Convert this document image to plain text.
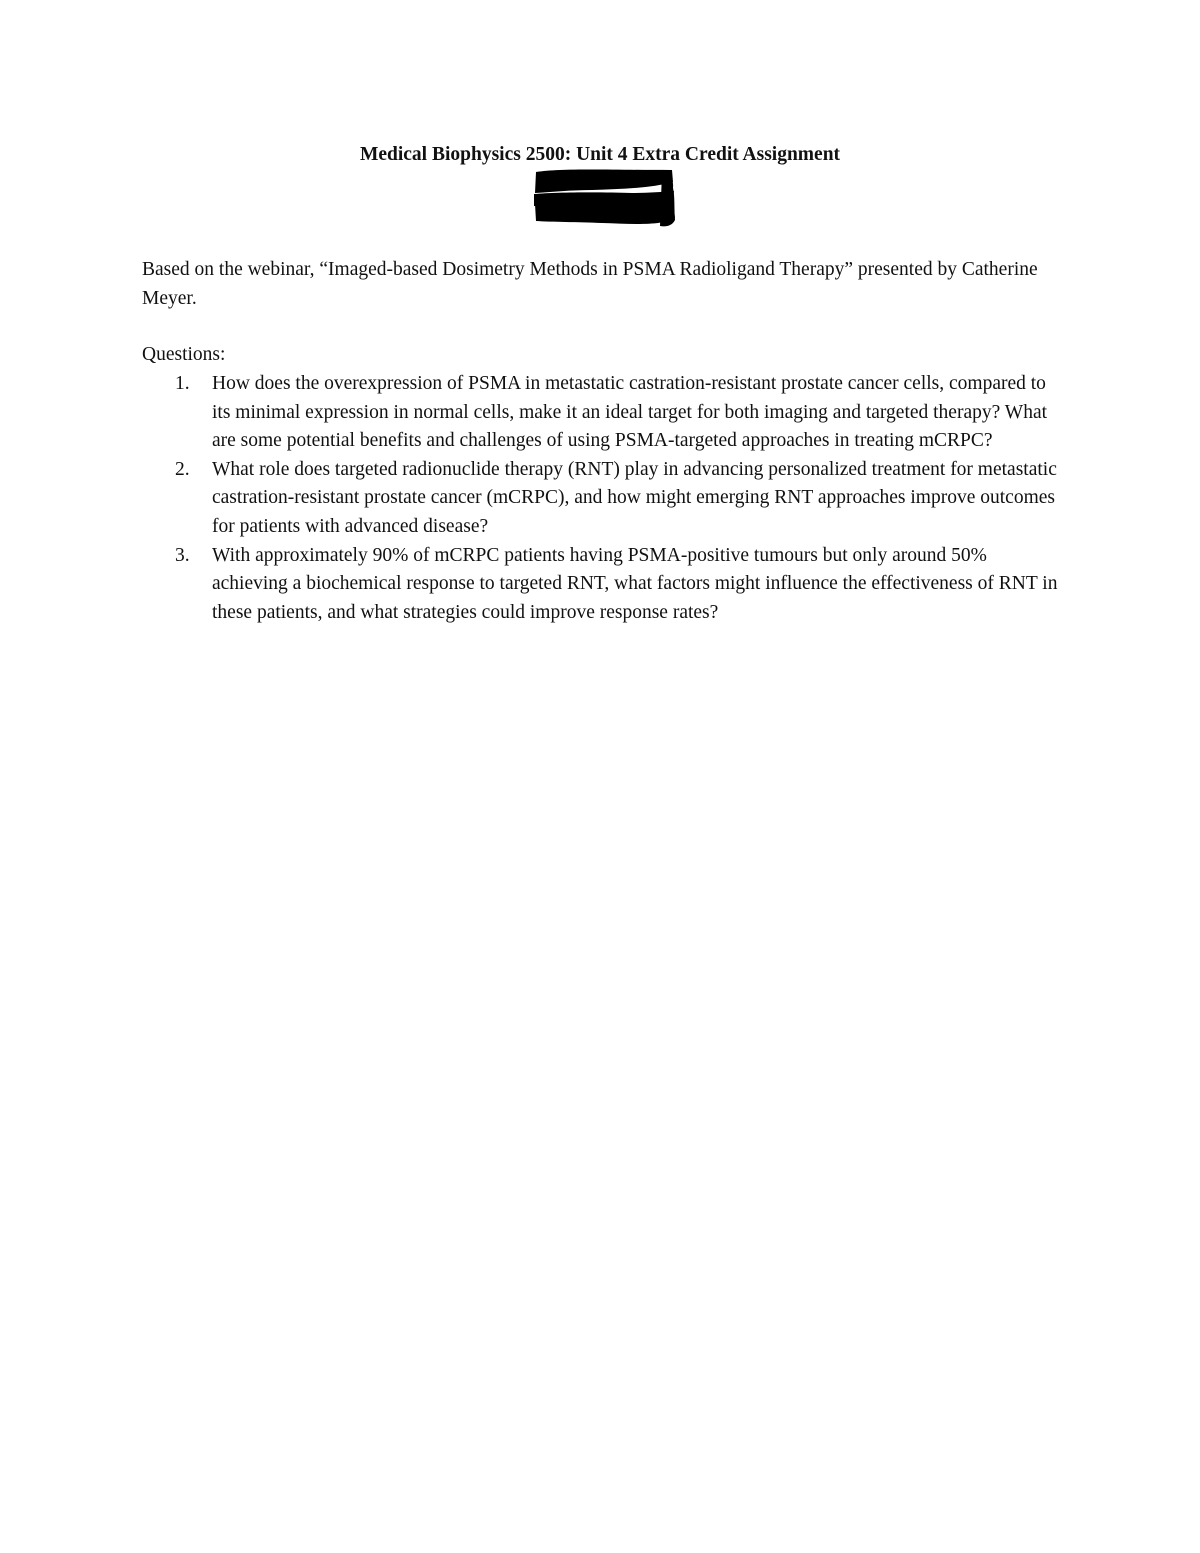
Medical Biophysics 2500: Unit 4 Extra Credit Assignment

Based on the webinar, “Imaged-based Dosimetry Methods in PSMA Radioligand Therapy” presented by Catherine Meyer.

Questions:

1. How does the overexpression of PSMA in metastatic castration-resistant prostate cancer cells, compared to its minimal expression in normal cells, make it an ideal target for both imaging and targeted therapy? What are some potential benefits and challenges of using PSMA-targeted approaches in treating mCRPC?
2. What role does targeted radionuclide therapy (RNT) play in advancing personalized treatment for metastatic castration-resistant prostate cancer (mCRPC), and how might emerging RNT approaches improve outcomes for patients with advanced disease?
3. With approximately 90% of mCRPC patients having PSMA-positive tumours but only around 50% achieving a biochemical response to targeted RNT, what factors might influence the effectiveness of RNT in these patients, and what strategies could improve response rates?
